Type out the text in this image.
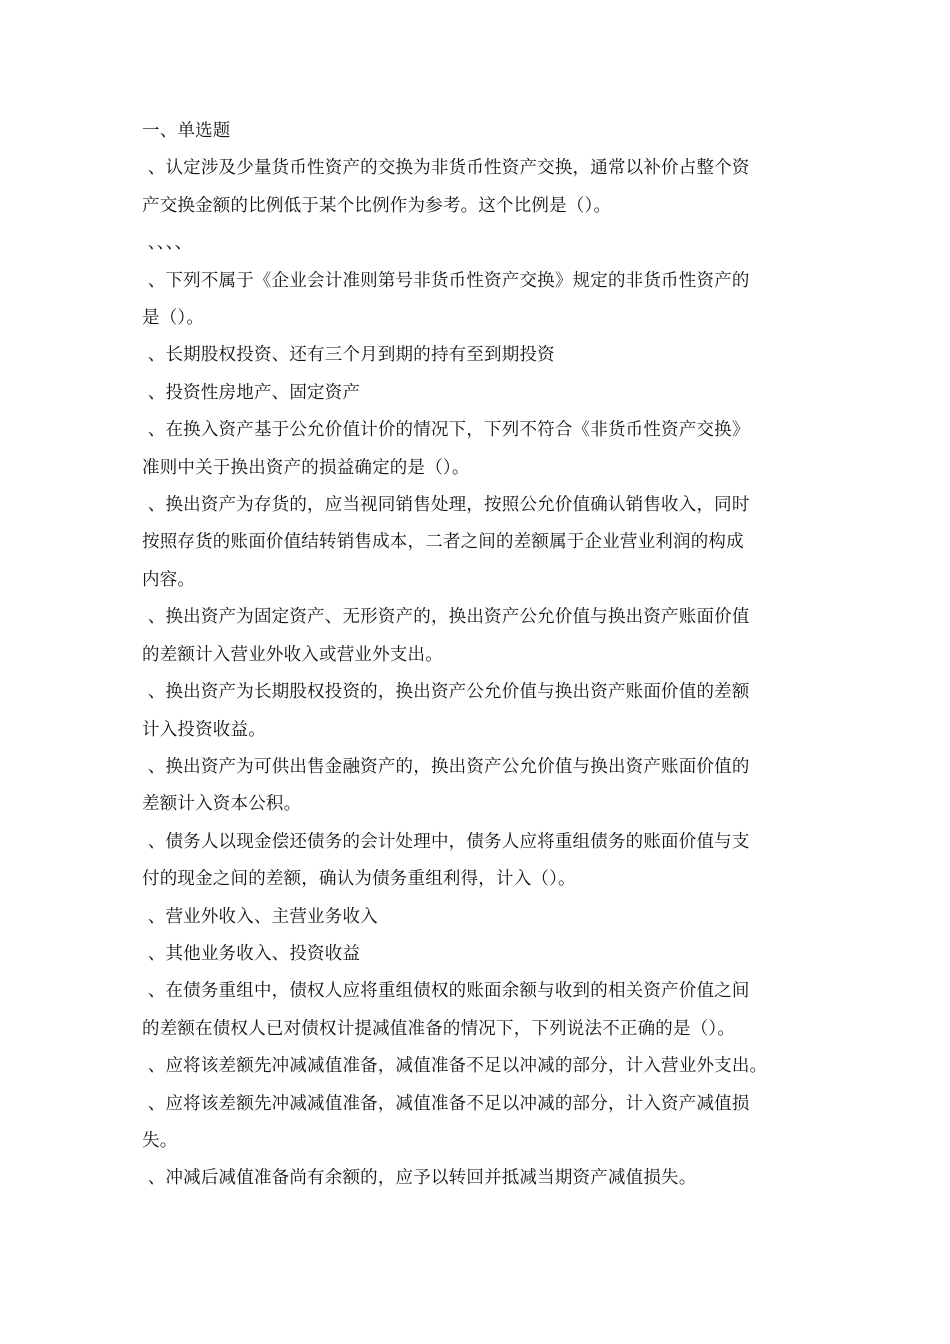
一、单选题
、认定涉及少量货币性资产的交换为非货币性资产交换，通常以补价占整个资
产交换金额的比例低于某个比例作为参考。这个比例是（）。
、、、、
、下列不属于《企业会计准则第号非货币性资产交换》规定的非货币性资产的
是（）。
、长期股权投资、还有三个月到期的持有至到期投资
、投资性房地产、固定资产
、在换入资产基于公允价值计价的情况下，下列不符合《非货币性资产交换》
准则中关于换出资产的损益确定的是（）。
、换出资产为存货的，应当视同销售处理，按照公允价值确认销售收入，同时
按照存货的账面价值结转销售成本，二者之间的差额属于企业营业利润的构成
内容。
、换出资产为固定资产、无形资产的，换出资产公允价值与换出资产账面价值
的差额计入营业外收入或营业外支出。
、换出资产为长期股权投资的，换出资产公允价值与换出资产账面价值的差额
计入投资收益。
、换出资产为可供出售金融资产的，换出资产公允价值与换出资产账面价值的
差额计入资本公积。
、债务人以现金偿还债务的会计处理中，债务人应将重组债务的账面价值与支
付的现金之间的差额，确认为债务重组利得，计入（）。
、营业外收入、主营业务收入
、其他业务收入、投资收益
、在债务重组中，债权人应将重组债权的账面余额与收到的相关资产价值之间
的差额在债权人已对债权计提减值准备的情况下，下列说法不正确的是（）。
、应将该差额先冲减减值准备，减值准备不足以冲减的部分，计入营业外支出。
、应将该差额先冲减减值准备，减值准备不足以冲减的部分，计入资产减值损
失。
、冲减后减值准备尚有余额的，应予以转回并抵减当期资产减值损失。
